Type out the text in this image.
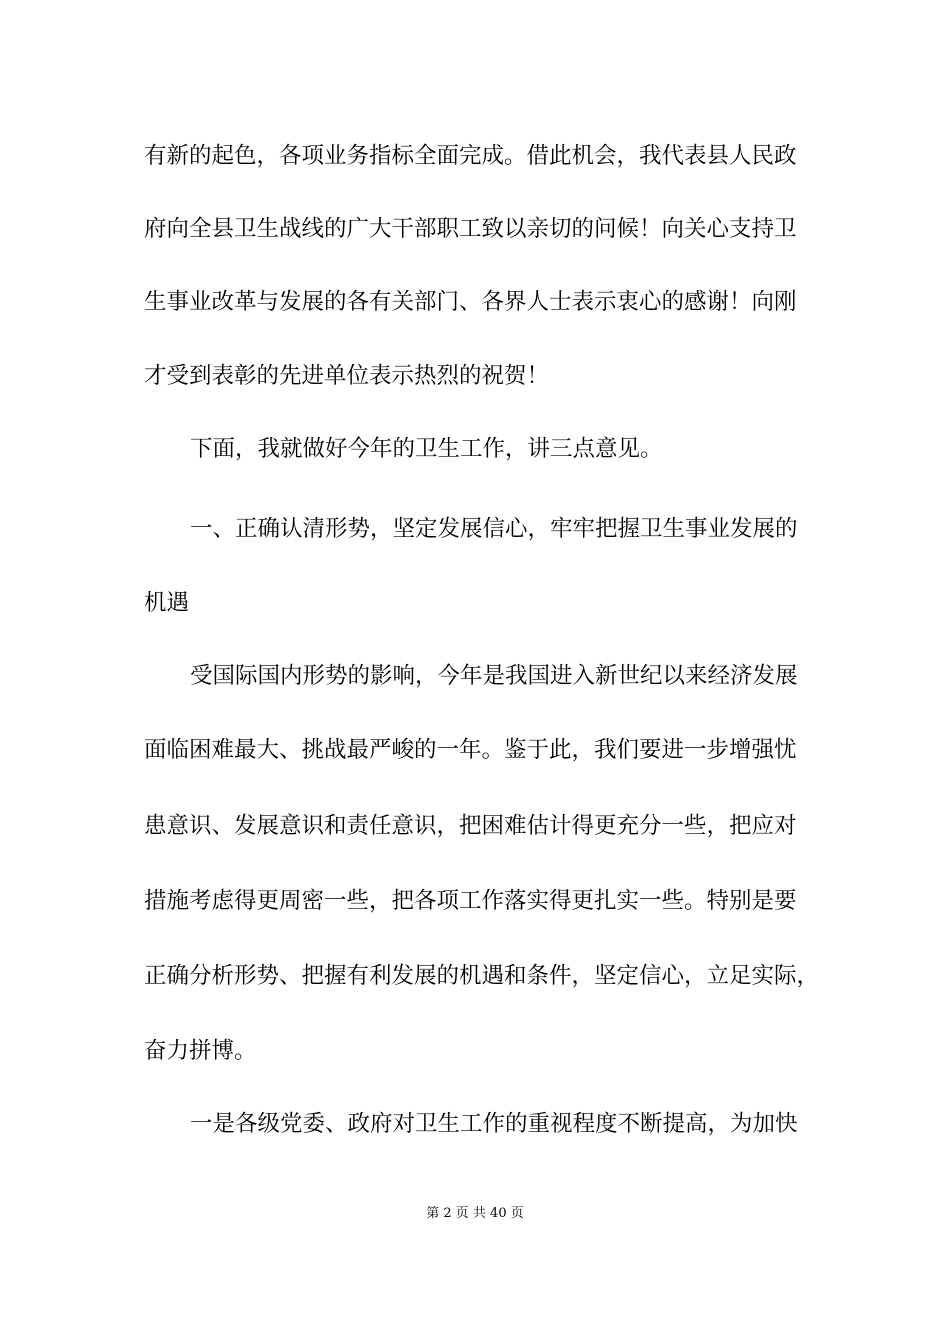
有新的起色，各项业务指标全面完成。借此机会，我代表县人民政
府向全县卫生战线的广大干部职工致以亲切的问候！向关心支持卫
生事业改革与发展的各有关部门、各界人士表示衷心的感谢！向刚
才受到表彰的先进单位表示热烈的祝贺！
下面，我就做好今年的卫生工作，讲三点意见。
一、正确认清形势，坚定发展信心，牢牢把握卫生事业发展的
机遇
受国际国内形势的影响，今年是我国进入新世纪以来经济发展
面临困难最大、挑战最严峻的一年。鉴于此，我们要进一步增强忧
患意识、发展意识和责任意识，把困难估计得更充分一些，把应对
措施考虑得更周密一些，把各项工作落实得更扎实一些。特别是要
正确分析形势、把握有利发展的机遇和条件，坚定信心，立足实际，
奋力拼博。
一是各级党委、政府对卫生工作的重视程度不断提高，为加快
第 2 页 共 40 页
